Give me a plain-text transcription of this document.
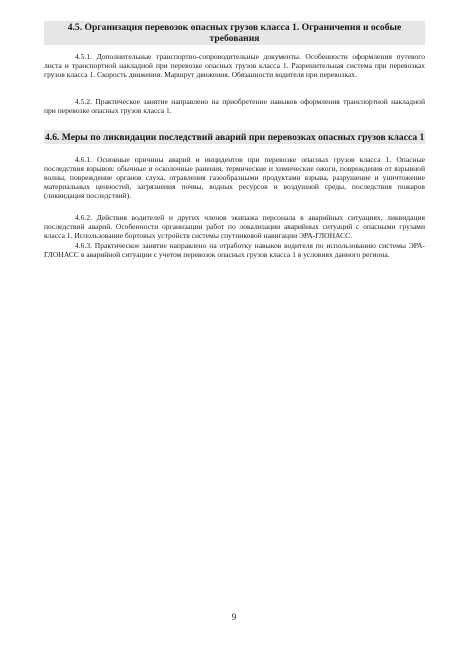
4.5. Организация перевозок опасных грузов класса 1. Ограничения и особые требования

4.5.1. Дополнительные транспортно-сопроводительные документы. Особенности оформления путевого листа и транспортной накладной при перевозке опасных грузов класса 1. Разрешительная система при перевозках грузов класса 1. Скорость движения. Маршрут движения. Обязанности водителя при перевозках.

4.5.2. Практическое занятие направлено на приобретение навыков оформления транспортной накладной при перевозке опасных грузов класса 1.

4.6. Меры по ликвидации последствий аварий при перевозках опасных грузов класса 1

4.6.1. Основные причины аварий и инцидентов при перевозке опасных грузов класса 1. Опасные последствия взрывов: обычные и осколочные ранения, термические и химические ожоги, повреждения от взрывной волны, повреждение органов слуха, отравления газообразными продуктами взрыва, разрушение и уничтожение материальных ценностей, загрязнения почвы, водных ресурсов и воздушной среды, последствия пожаров (ликвидация последствий).

4.6.2. Действия водителей и других членов экипажа персонала в аварийных ситуациях, ликвидация последствий аварий. Особенности организации работ по локализации аварийных ситуаций с опасными грузами класса 1. Использование бортовых устройств системы спутниковой навигации ЭРА-ГЛОНАСС.

4.6.3. Практическое занятие направлено на отработку навыков водителя по использованию системы ЭРА-ГЛОНАСС в аварийной ситуации с учетом перевозок опасных грузов класса 1 в условиях данного региона.

9
